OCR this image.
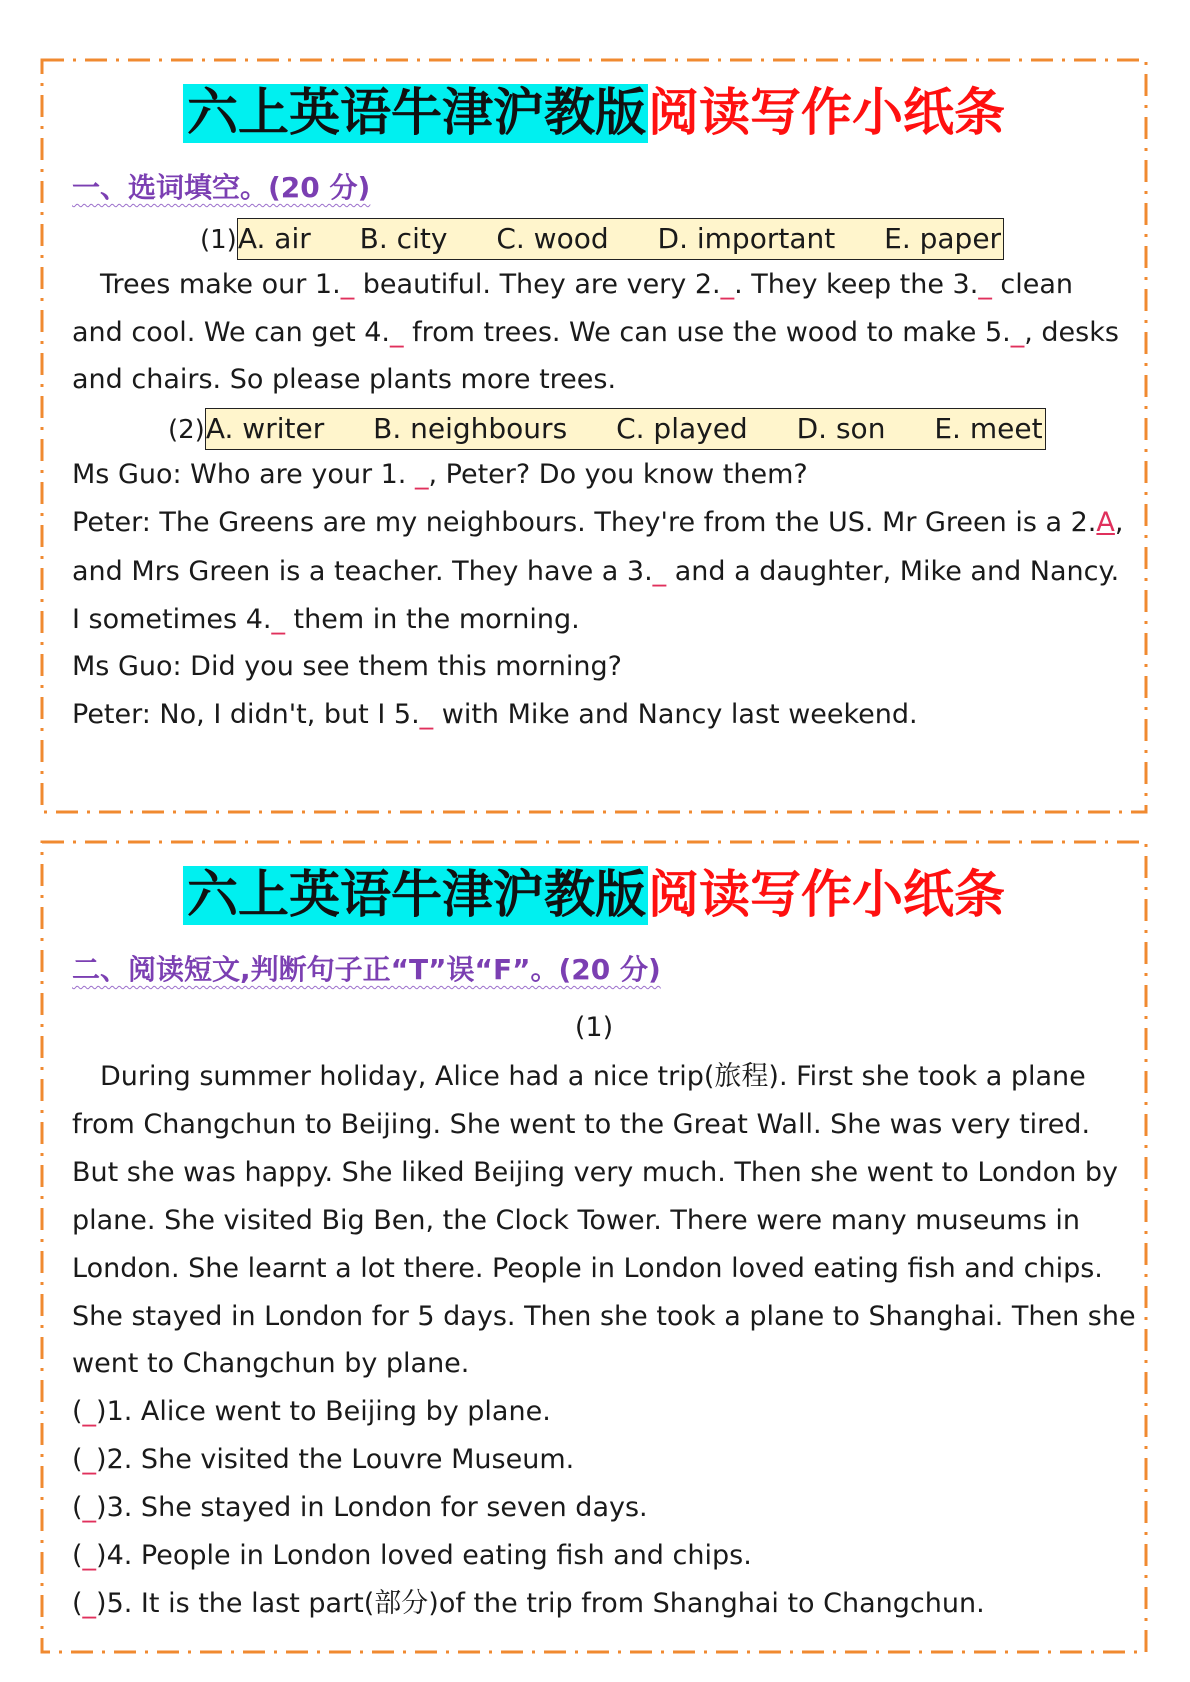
六上英语牛津沪教版阅读写作小纸条
一、选词填空。(20 分)
(1)A. air B. city C. wood D. important E. paper
Trees make our 1._ beautiful. They are very 2._. They keep the 3._ clean
and cool. We can get 4._ from trees. We can use the wood to make 5._, desks
and chairs. So please plants more trees.
(2)A. writer B. neighbours C. played D. son E. meet
Ms Guo: Who are your 1. _, Peter? Do you know them?
Peter: The Greens are my neighbours. They're from the US. Mr Green is a 2.A,
and Mrs Green is a teacher. They have a 3._ and a daughter, Mike and Nancy.
I sometimes 4._ them in the morning.
Ms Guo: Did you see them this morning?
Peter: No, I didn't, but I 5._ with Mike and Nancy last weekend.
六上英语牛津沪教版阅读写作小纸条
二、阅读短文,判断句子正“T”误“F”。(20 分)
(1)
During summer holiday, Alice had a nice trip(旅程). First she took a plane
from Changchun to Beijing. She went to the Great Wall. She was very tired.
But she was happy. She liked Beijing very much. Then she went to London by
plane. She visited Big Ben, the Clock Tower. There were many museums in
London. She learnt a lot there. People in London loved eating fish and chips.
She stayed in London for 5 days. Then she took a plane to Shanghai. Then she
went to Changchun by plane.
(_)1. Alice went to Beijing by plane.
(_)2. She visited the Louvre Museum.
(_)3. She stayed in London for seven days.
(_)4. People in London loved eating fish and chips.
(_)5. It is the last part(部分)of the trip from Shanghai to Changchun.
